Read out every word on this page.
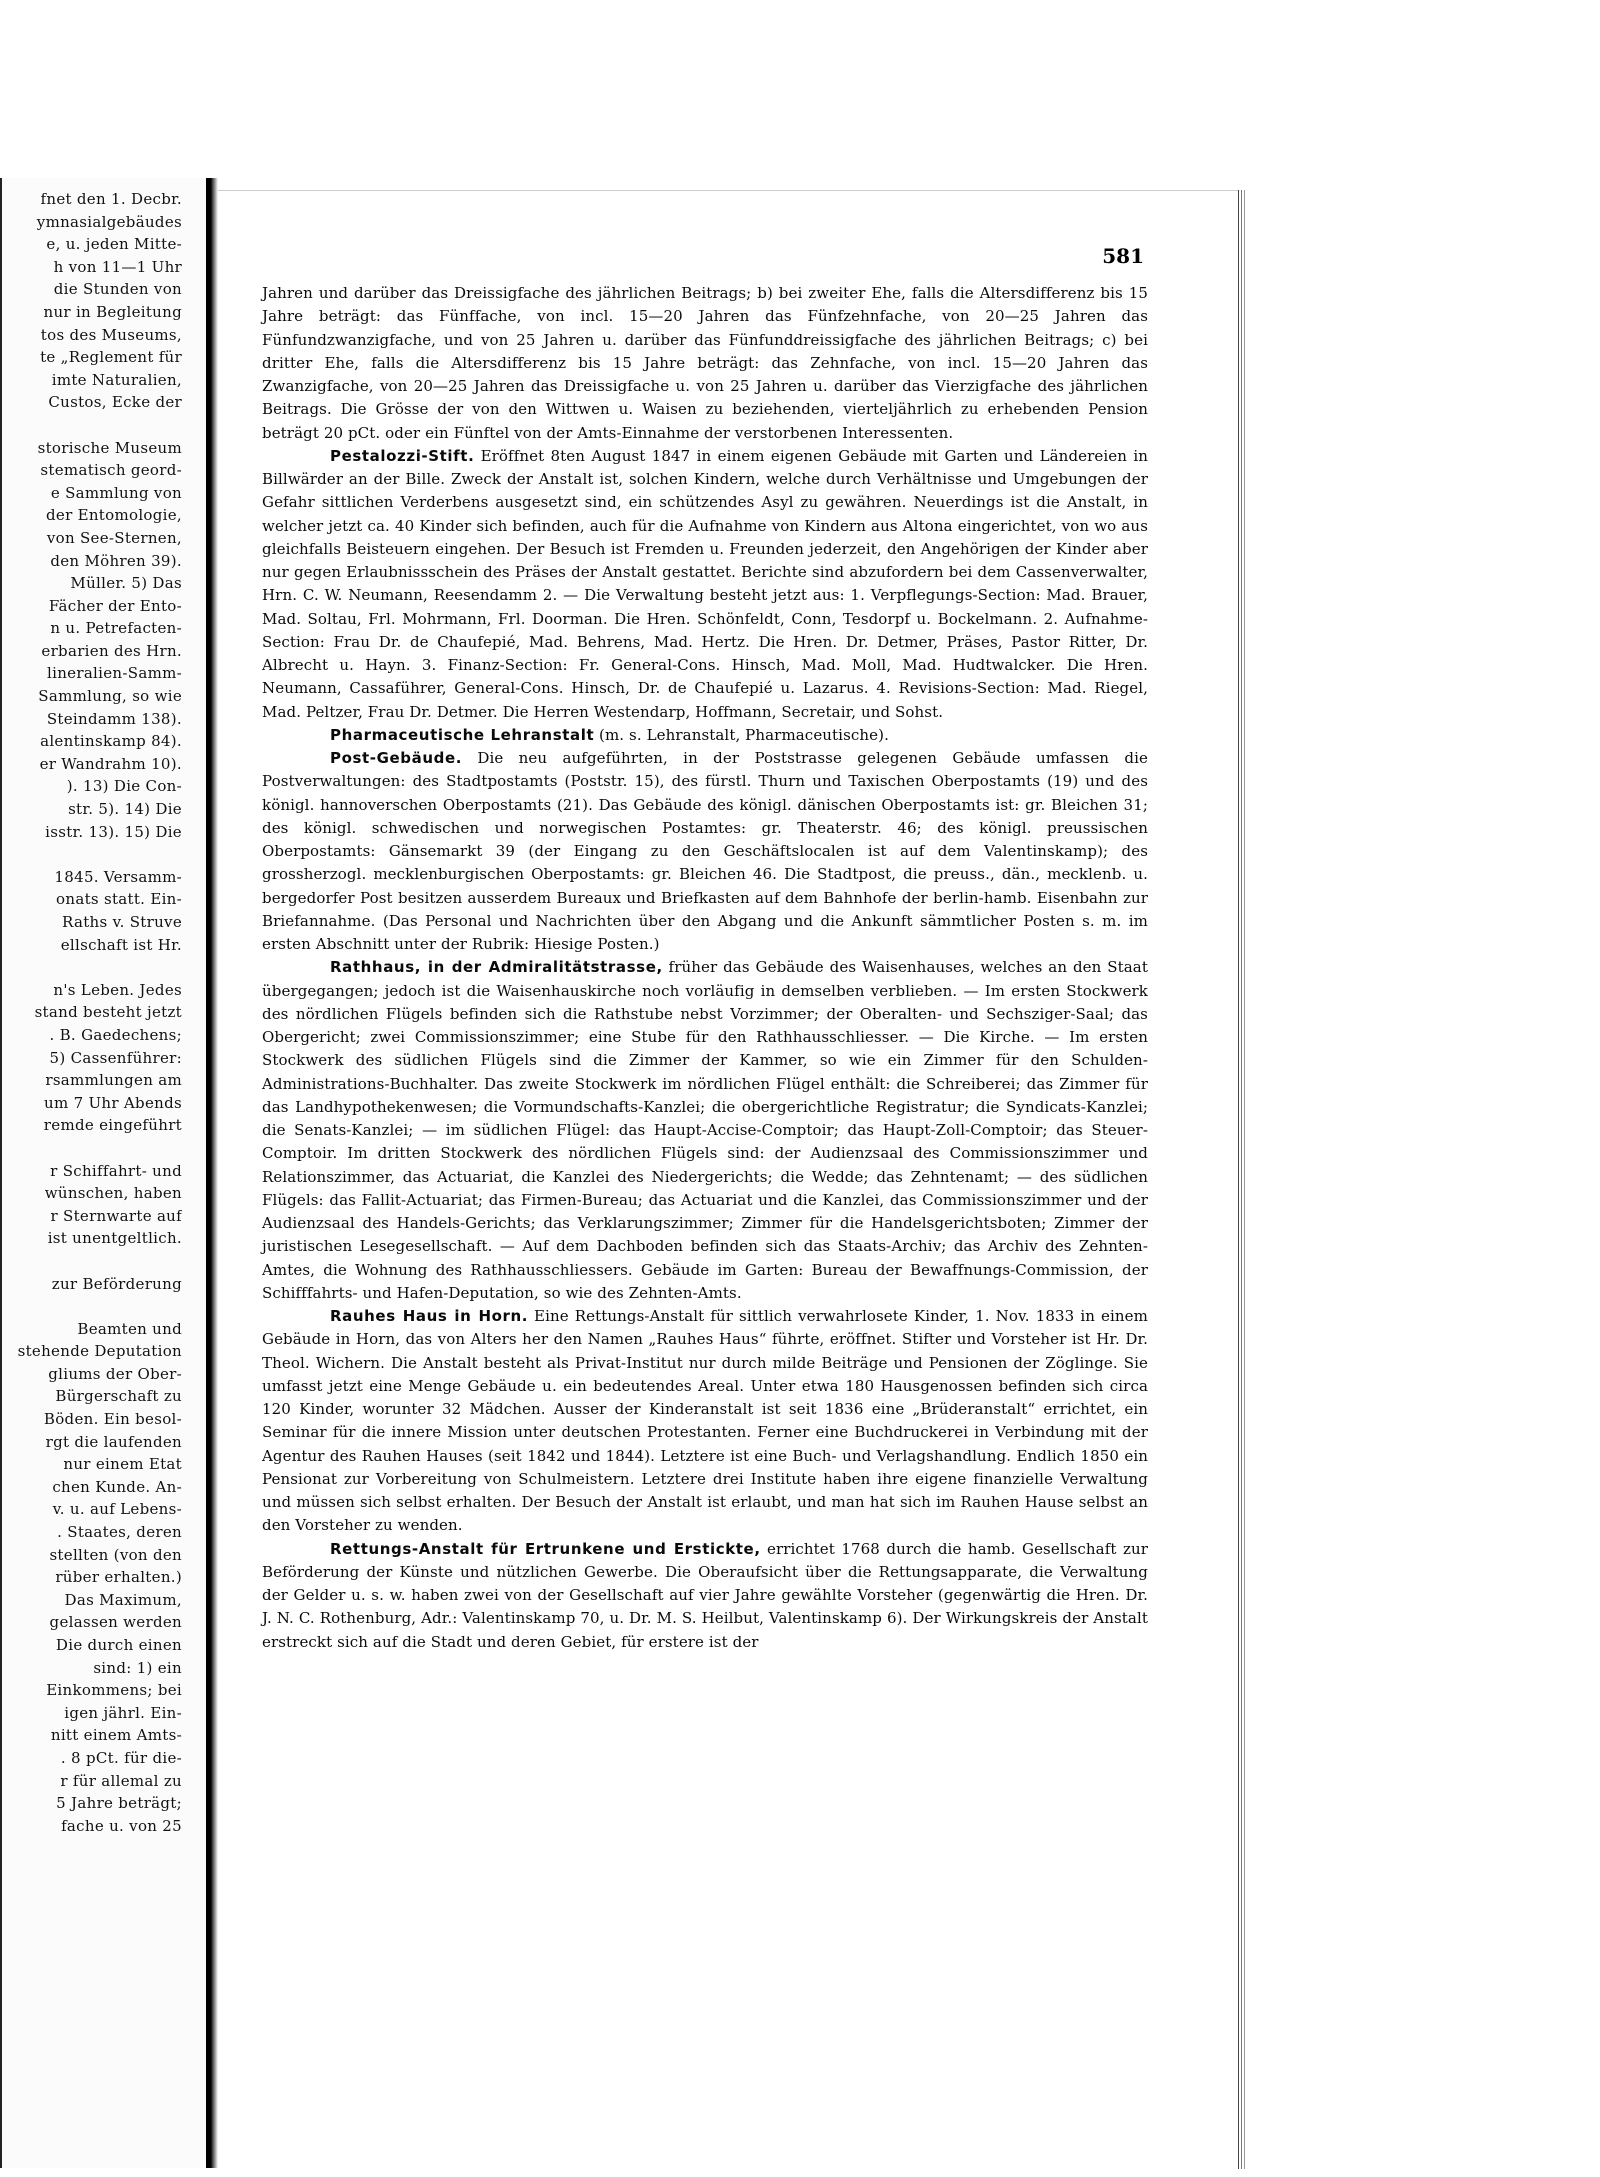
fnet den 1. Decbr.
ymnasialgebäudes
e, u. jeden Mitte-
h von 11—1 Uhr
die Stunden von
nur in Begleitung
tos des Museums,
te „Reglement für
imte Naturalien,
Custos, Ecke der
storische Museum
stematisch geord-
e Sammlung von
der Entomologie,
von See-Sternen,
den Möhren 39).
Müller. 5) Das
Fächer der Ento-
n u. Petrefacten-
erbarien des Hrn.
lineralien-Samm-
Sammlung, so wie
Steindamm 138).
alentinskamp 84).
er Wandrahm 10).
). 13) Die Con-
str. 5). 14) Die
isstr. 13). 15) Die
1845. Versamm-
onats statt. Ein-
Raths v. Struve
ellschaft ist Hr.
n's Leben. Jedes
stand besteht jetzt
. B. Gaedechens;
5) Cassenführer:
rsammlungen am
um 7 Uhr Abends
remde eingeführt
r Schiffahrt- und
wünschen, haben
r Sternwarte auf
ist unentgeltlich.
zur Beförderung
Beamten und
stehende Deputation
gliums der Ober-
Bürgerschaft zu
Böden. Ein besol-
rgt die laufenden
nur einem Etat
chen Kunde. An-
v. u. auf Lebens-
. Staates, deren
stellten (von den
rüber erhalten.)
Das Maximum,
gelassen werden
Die durch einen
sind: 1) ein
Einkommens; bei
igen jährl. Ein-
nitt einem Amts-
. 8 pCt. für die-
r für allemal zu
5 Jahre beträgt;
fache u. von 25
581

Jahren und darüber das Dreissigfache des jährlichen Beitrags; b) bei zweiter Ehe, falls die Altersdifferenz bis 15 Jahre beträgt: das Fünffache, von incl. 15—20 Jahren das Fünfzehnfache, von 20—25 Jahren das Fünfundzwanzigfache, und von 25 Jahren u. darüber das Fünfunddreissigfache des jährlichen Beitrags; c) bei dritter Ehe, falls die Altersdifferenz bis 15 Jahre beträgt: das Zehnfache, von incl. 15—20 Jahren das Zwanzigfache, von 20—25 Jahren das Dreissigfache u. von 25 Jahren u. darüber das Vierzigfache des jährlichen Beitrags. Die Grösse der von den Wittwen u. Waisen zu beziehenden, vierteljährlich zu erhebenden Pension beträgt 20 pCt. oder ein Fünftel von der Amts-Einnahme der verstorbenen Interessenten.

Pestalozzi-Stift. Eröffnet 8ten August 1847 in einem eigenen Gebäude mit Garten und Ländereien in Billwärder an der Bille. Zweck der Anstalt ist, solchen Kindern, welche durch Verhältnisse und Umgebungen der Gefahr sittlichen Verderbens ausgesetzt sind, ein schützendes Asyl zu gewähren. Neuerdings ist die Anstalt, in welcher jetzt ca. 40 Kinder sich befinden, auch für die Aufnahme von Kindern aus Altona eingerichtet, von wo aus gleichfalls Beisteuern eingehen. Der Besuch ist Fremden u. Freunden jederzeit, den Angehörigen der Kinder aber nur gegen Erlaubnissschein des Präses der Anstalt gestattet. Berichte sind abzufordern bei dem Cassenverwalter, Hrn. C. W. Neumann, Reesendamm 2. — Die Verwaltung besteht jetzt aus: 1. Verpflegungs-Section: Mad. Brauer, Mad. Soltau, Frl. Mohrmann, Frl. Doorman. Die Hren. Schönfeldt, Conn, Tesdorpf u. Bockelmann. 2. Aufnahme-Section: Frau Dr. de Chaufepié, Mad. Behrens, Mad. Hertz. Die Hren. Dr. Detmer, Präses, Pastor Ritter, Dr. Albrecht u. Hayn. 3. Finanz-Section: Fr. General-Cons. Hinsch, Mad. Moll, Mad. Hudtwalcker. Die Hren. Neumann, Cassaführer, General-Cons. Hinsch, Dr. de Chaufepié u. Lazarus. 4. Revisions-Section: Mad. Riegel, Mad. Peltzer, Frau Dr. Detmer. Die Herren Westendarp, Hoffmann, Secretair, und Sohst.

Pharmaceutische Lehranstalt (m. s. Lehranstalt, Pharmaceutische).

Post-Gebäude. Die neu aufgeführten, in der Poststrasse gelegenen Gebäude umfassen die Postverwaltungen: des Stadtpostamts (Poststr. 15), des fürstl. Thurn und Taxischen Oberpostamts (19) und des königl. hannoverschen Oberpostamts (21). Das Gebäude des königl. dänischen Oberpostamts ist: gr. Bleichen 31; des königl. schwedischen und norwegischen Postamtes: gr. Theaterstr. 46; des königl. preussischen Oberpostamts: Gänsemarkt 39 (der Eingang zu den Geschäftslocalen ist auf dem Valentinskamp); des grossherzogl. mecklenburgischen Oberpostamts: gr. Bleichen 46. Die Stadtpost, die preuss., dän., mecklenb. u. bergedorfer Post besitzen ausserdem Bureaux und Briefkasten auf dem Bahnhofe der berlin-hamb. Eisenbahn zur Briefannahme. (Das Personal und Nachrichten über den Abgang und die Ankunft sämmtlicher Posten s. m. im ersten Abschnitt unter der Rubrik: Hiesige Posten.)

Rathhaus, in der Admiralitätstrasse, früher das Gebäude des Waisenhauses, welches an den Staat übergegangen; jedoch ist die Waisenhauskirche noch vorläufig in demselben verblieben. — Im ersten Stockwerk des nördlichen Flügels befinden sich die Rathstube nebst Vorzimmer; der Oberalten- und Sechsziger-Saal; das Obergericht; zwei Commissionszimmer; eine Stube für den Rathhausschliesser. — Die Kirche. — Im ersten Stockwerk des südlichen Flügels sind die Zimmer der Kammer, so wie ein Zimmer für den Schulden-Administrations-Buchhalter. Das zweite Stockwerk im nördlichen Flügel enthält: die Schreiberei; das Zimmer für das Landhypothekenwesen; die Vormundschafts-Kanzlei; die obergerichtliche Registratur; die Syndicats-Kanzlei; die Senats-Kanzlei; — im südlichen Flügel: das Haupt-Accise-Comptoir; das Haupt-Zoll-Comptoir; das Steuer-Comptoir. Im dritten Stockwerk des nördlichen Flügels sind: der Audienzsaal des Commissionszimmer und Relationszimmer, das Actuariat, die Kanzlei des Niedergerichts; die Wedde; das Zehntenamt; — des südlichen Flügels: das Fallit-Actuariat; das Firmen-Bureau; das Actuariat und die Kanzlei, das Commissionszimmer und der Audienzsaal des Handels-Gerichts; das Verklarungszimmer; Zimmer für die Handelsgerichtsboten; Zimmer der juristischen Lesegesellschaft. — Auf dem Dachboden befinden sich das Staats-Archiv; das Archiv des Zehnten-Amtes, die Wohnung des Rathhausschliessers. Gebäude im Garten: Bureau der Bewaffnungs-Commission, der Schifffahrts- und Hafen-Deputation, so wie des Zehnten-Amts.

Rauhes Haus in Horn. Eine Rettungs-Anstalt für sittlich verwahrlosete Kinder, 1. Nov. 1833 in einem Gebäude in Horn, das von Alters her den Namen „Rauhes Haus“ führte, eröffnet. Stifter und Vorsteher ist Hr. Dr. Theol. Wichern. Die Anstalt besteht als Privat-Institut nur durch milde Beiträge und Pensionen der Zöglinge. Sie umfasst jetzt eine Menge Gebäude u. ein bedeutendes Areal. Unter etwa 180 Hausgenossen befinden sich circa 120 Kinder, worunter 32 Mädchen. Ausser der Kinderanstalt ist seit 1836 eine „Brüderanstalt“ errichtet, ein Seminar für die innere Mission unter deutschen Protestanten. Ferner eine Buchdruckerei in Verbindung mit der Agentur des Rauhen Hauses (seit 1842 und 1844). Letztere ist eine Buch- und Verlagshandlung. Endlich 1850 ein Pensionat zur Vorbereitung von Schulmeistern. Letztere drei Institute haben ihre eigene finanzielle Verwaltung und müssen sich selbst erhalten. Der Besuch der Anstalt ist erlaubt, und man hat sich im Rauhen Hause selbst an den Vorsteher zu wenden.

Rettungs-Anstalt für Ertrunkene und Erstickte, errichtet 1768 durch die hamb. Gesellschaft zur Beförderung der Künste und nützlichen Gewerbe. Die Oberaufsicht über die Rettungsapparate, die Verwaltung der Gelder u. s. w. haben zwei von der Gesellschaft auf vier Jahre gewählte Vorsteher (gegenwärtig die Hren. Dr. J. N. C. Rothenburg, Adr.: Valentinskamp 70, u. Dr. M. S. Heilbut, Valentinskamp 6). Der Wirkungskreis der Anstalt erstreckt sich auf die Stadt und deren Gebiet, für erstere ist der
